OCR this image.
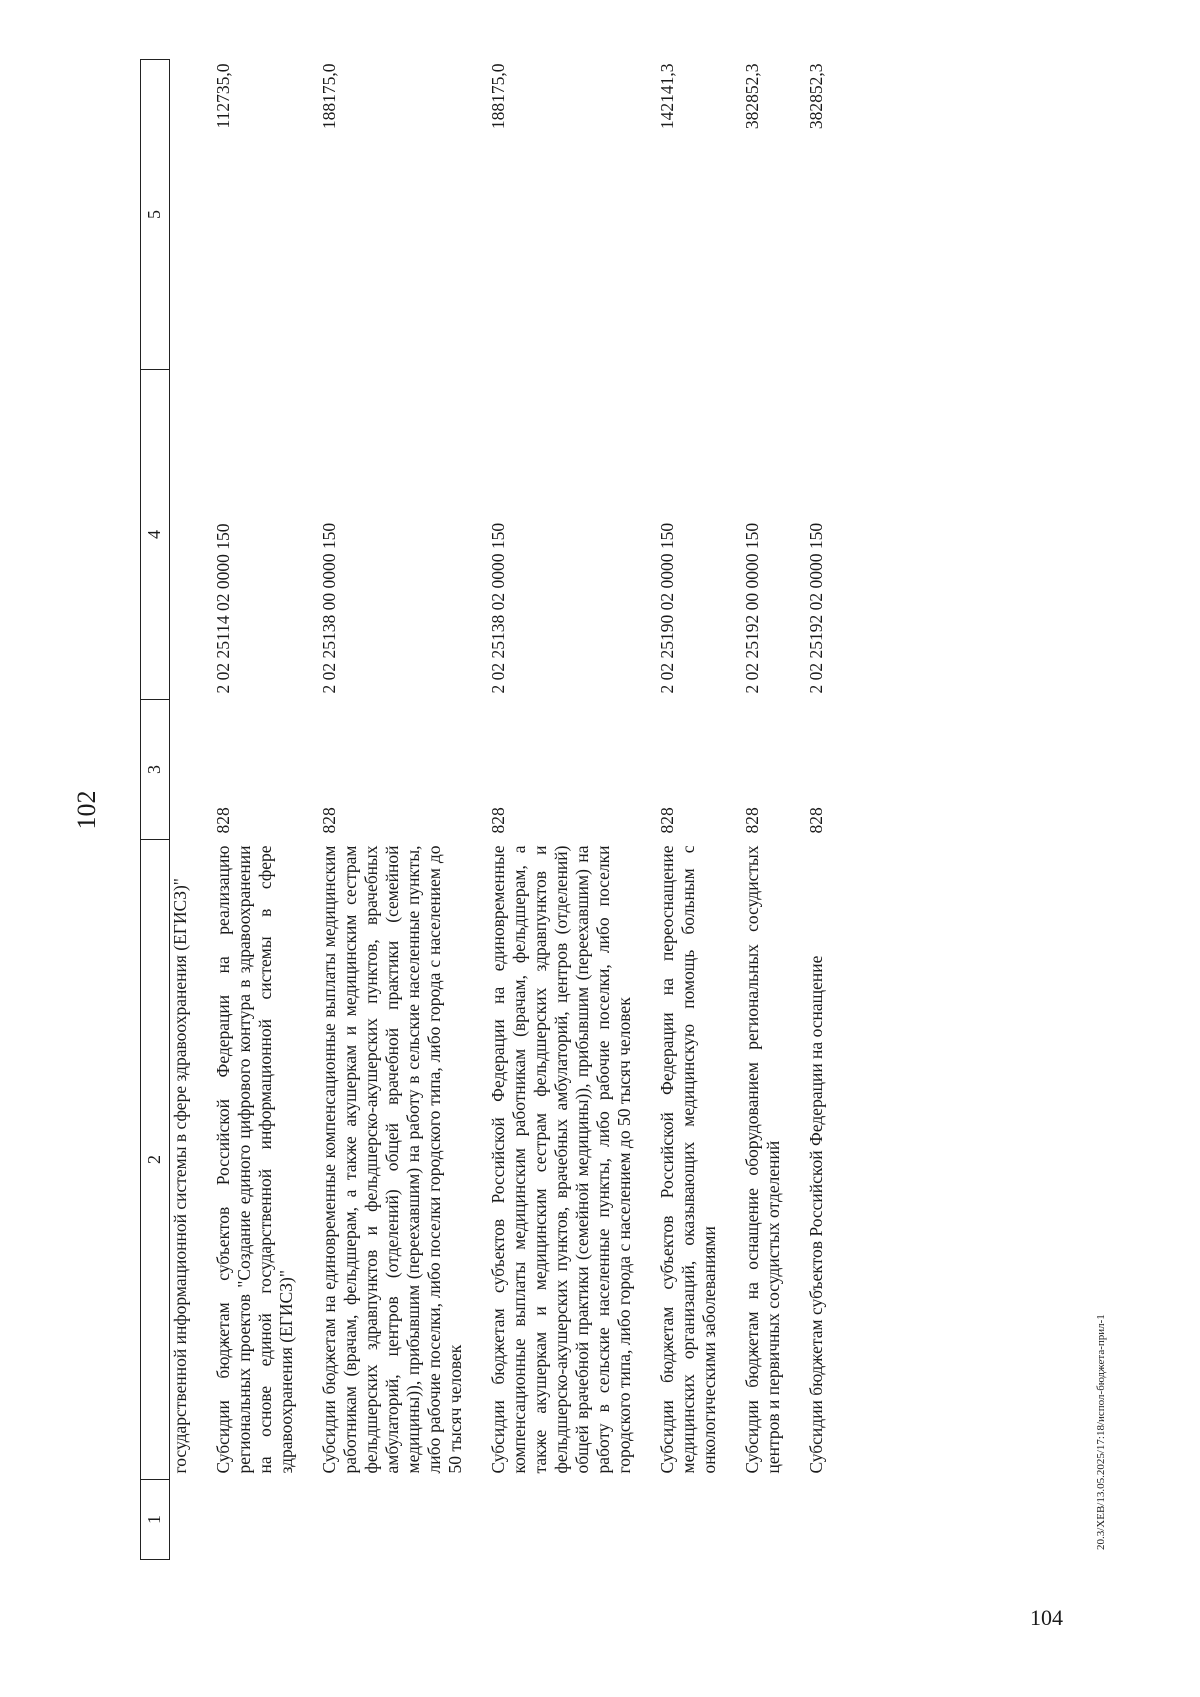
102
1	2	3	4	5
	государственной информационной системы в сфере здравоохранения (ЕГИСЗ)"			
	Субсидии бюджетам субъектов Российской Федерации на реализацию региональных проектов "Создание единого цифрового контура в здравоохранении на основе единой государственной информационной системы в сфере здравоохранения (ЕГИСЗ)"	828	2 02 25114 02 0000 150	112735,0
	Субсидии бюджетам на единовременные компенсационные выплаты медицинским работникам (врачам, фельдшерам, а также акушеркам и медицинским сестрам фельдшерских здравпунктов и фельдшерско-акушерских пунктов, врачебных амбулаторий, центров (отделений) общей врачебной практики (семейной медицины)), прибывшим (переехавшим) на работу в сельские населенные пункты, либо рабочие поселки, либо поселки городского типа, либо города с населением до 50 тысяч человек	828	2 02 25138 00 0000 150	188175,0
	Субсидии бюджетам субъектов Российской Федерации на единовременные компенсационные выплаты медицинским работникам (врачам, фельдшерам, а также акушеркам и медицинским сестрам фельдшерских здравпунктов и фельдшерско-акушерских пунктов, врачебных амбулаторий, центров (отделений) общей врачебной практики (семейной медицины)), прибывшим (переехавшим) на работу в сельские населенные пункты, либо рабочие поселки, либо поселки городского типа, либо города с населением до 50 тысяч человек	828	2 02 25138 02 0000 150	188175,0
	Субсидии бюджетам субъектов Российской Федерации на переоснащение медицинских организаций, оказывающих медицинскую помощь больным с онкологическими заболеваниями	828	2 02 25190 02 0000 150	142141,3
	Субсидии бюджетам на оснащение оборудованием региональных сосудистых центров и первичных сосудистых отделений	828	2 02 25192 00 0000 150	382852,3
	Субсидии бюджетам субъектов Российской Федерации на оснащение	828	2 02 25192 02 0000 150	382852,3
20.3/XEB/13.05.2025/17:18/испол-бюджета-прил-1
104
